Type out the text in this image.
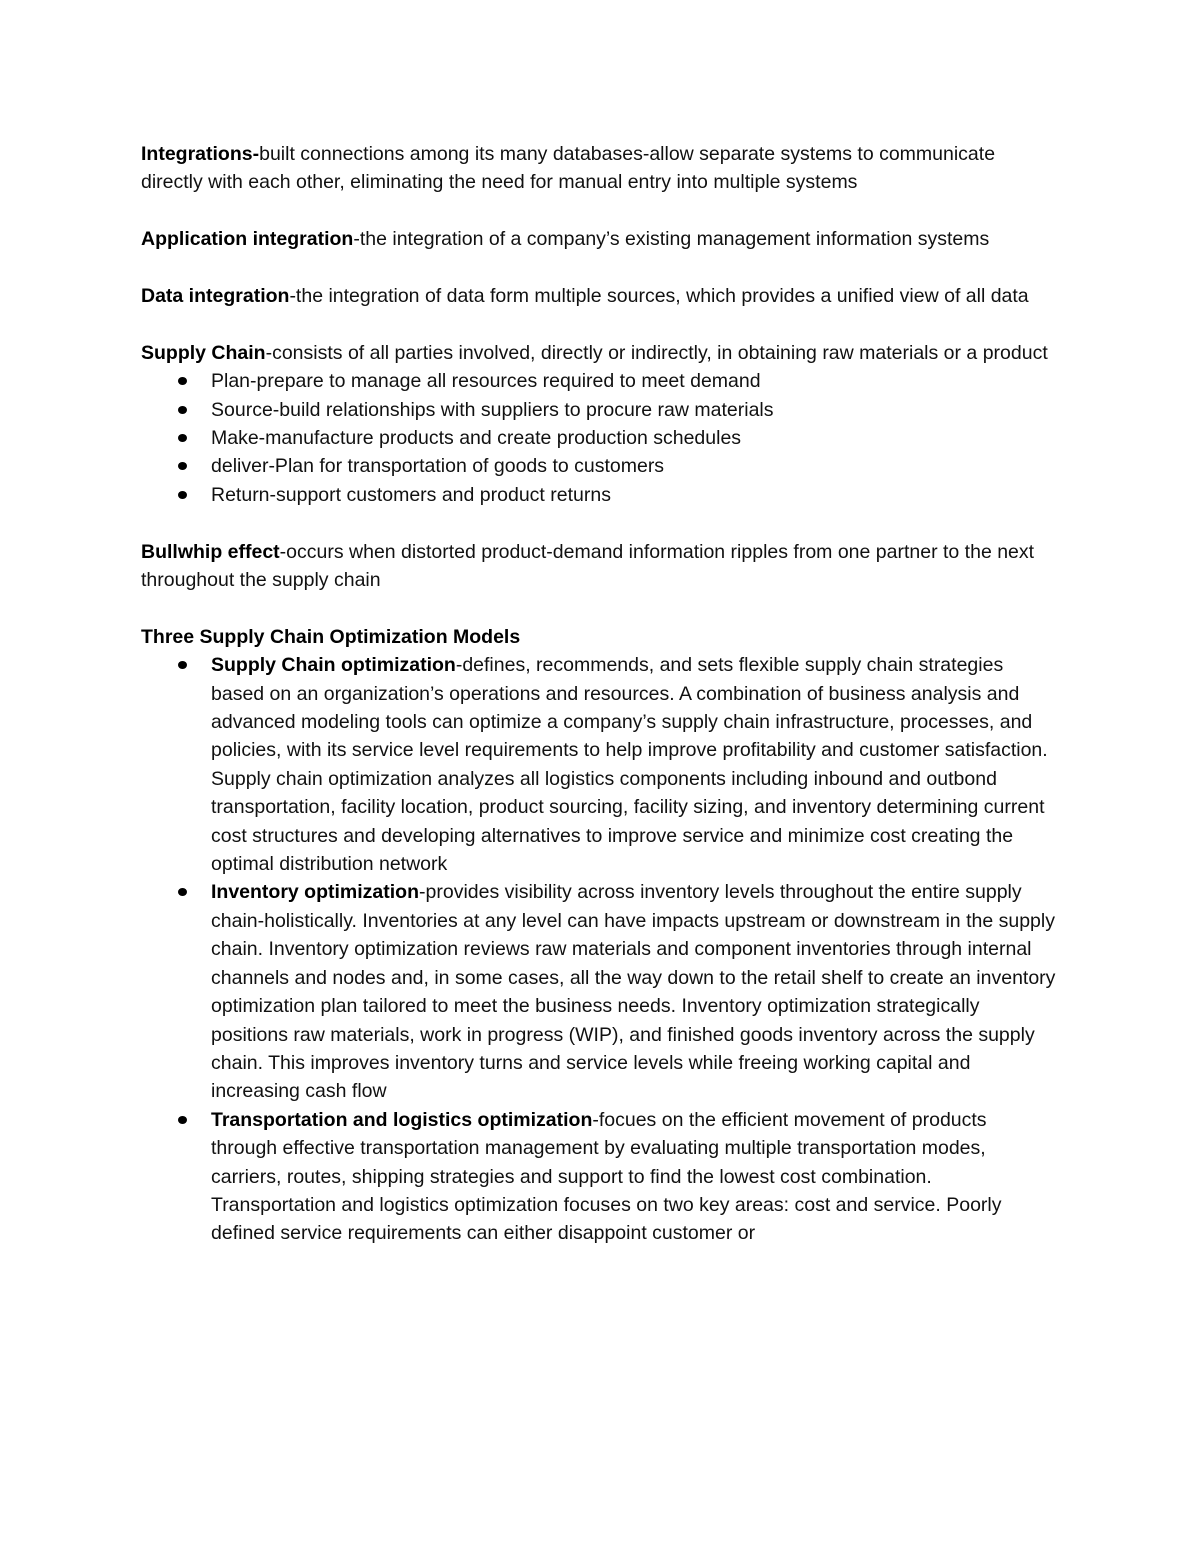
Integrations-built connections among its many databases-allow separate systems to communicate directly with each other, eliminating the need for manual entry into multiple systems

Application integration-the integration of a company’s existing management information systems

Data integration-the integration of data form multiple sources, which provides a unified view of all data

Supply Chain-consists of all parties involved, directly or indirectly, in obtaining raw materials or a product

Plan-prepare to manage all resources required to meet demand
Source-build relationships with suppliers to procure raw materials
Make-manufacture products and create production schedules
deliver-Plan for transportation of goods to customers
Return-support customers and product returns

Bullwhip effect-occurs when distorted product-demand information ripples from one partner to the next throughout the supply chain

Three Supply Chain Optimization Models

Supply Chain optimization-defines, recommends, and sets flexible supply chain strategies based on an organization’s operations and resources. A combination of business analysis and advanced modeling tools can optimize a company’s supply chain infrastructure, processes, and policies, with its service level requirements to help improve profitability and customer satisfaction. Supply chain optimization analyzes all logistics components including inbound and outbond transportation, facility location, product sourcing, facility sizing, and inventory determining current cost structures and developing alternatives to improve service and minimize cost creating the optimal distribution network
Inventory optimization-provides visibility across inventory levels throughout the entire supply chain-holistically. Inventories at any level can have impacts upstream or downstream in the supply chain. Inventory optimization reviews raw materials and component inventories through internal channels and nodes and, in some cases, all the way down to the retail shelf to create an inventory optimization plan tailored to meet the business needs. Inventory optimization strategically positions raw materials, work in progress (WIP), and finished goods inventory across the supply chain. This improves inventory turns and service levels while freeing working capital and increasing cash flow
Transportation and logistics optimization-focues on the efficient movement of products through effective transportation management by evaluating multiple transportation modes, carriers, routes, shipping strategies and support to find the lowest cost combination. Transportation and logistics optimization focuses on two key areas: cost and service. Poorly defined service requirements can either disappoint customer or
